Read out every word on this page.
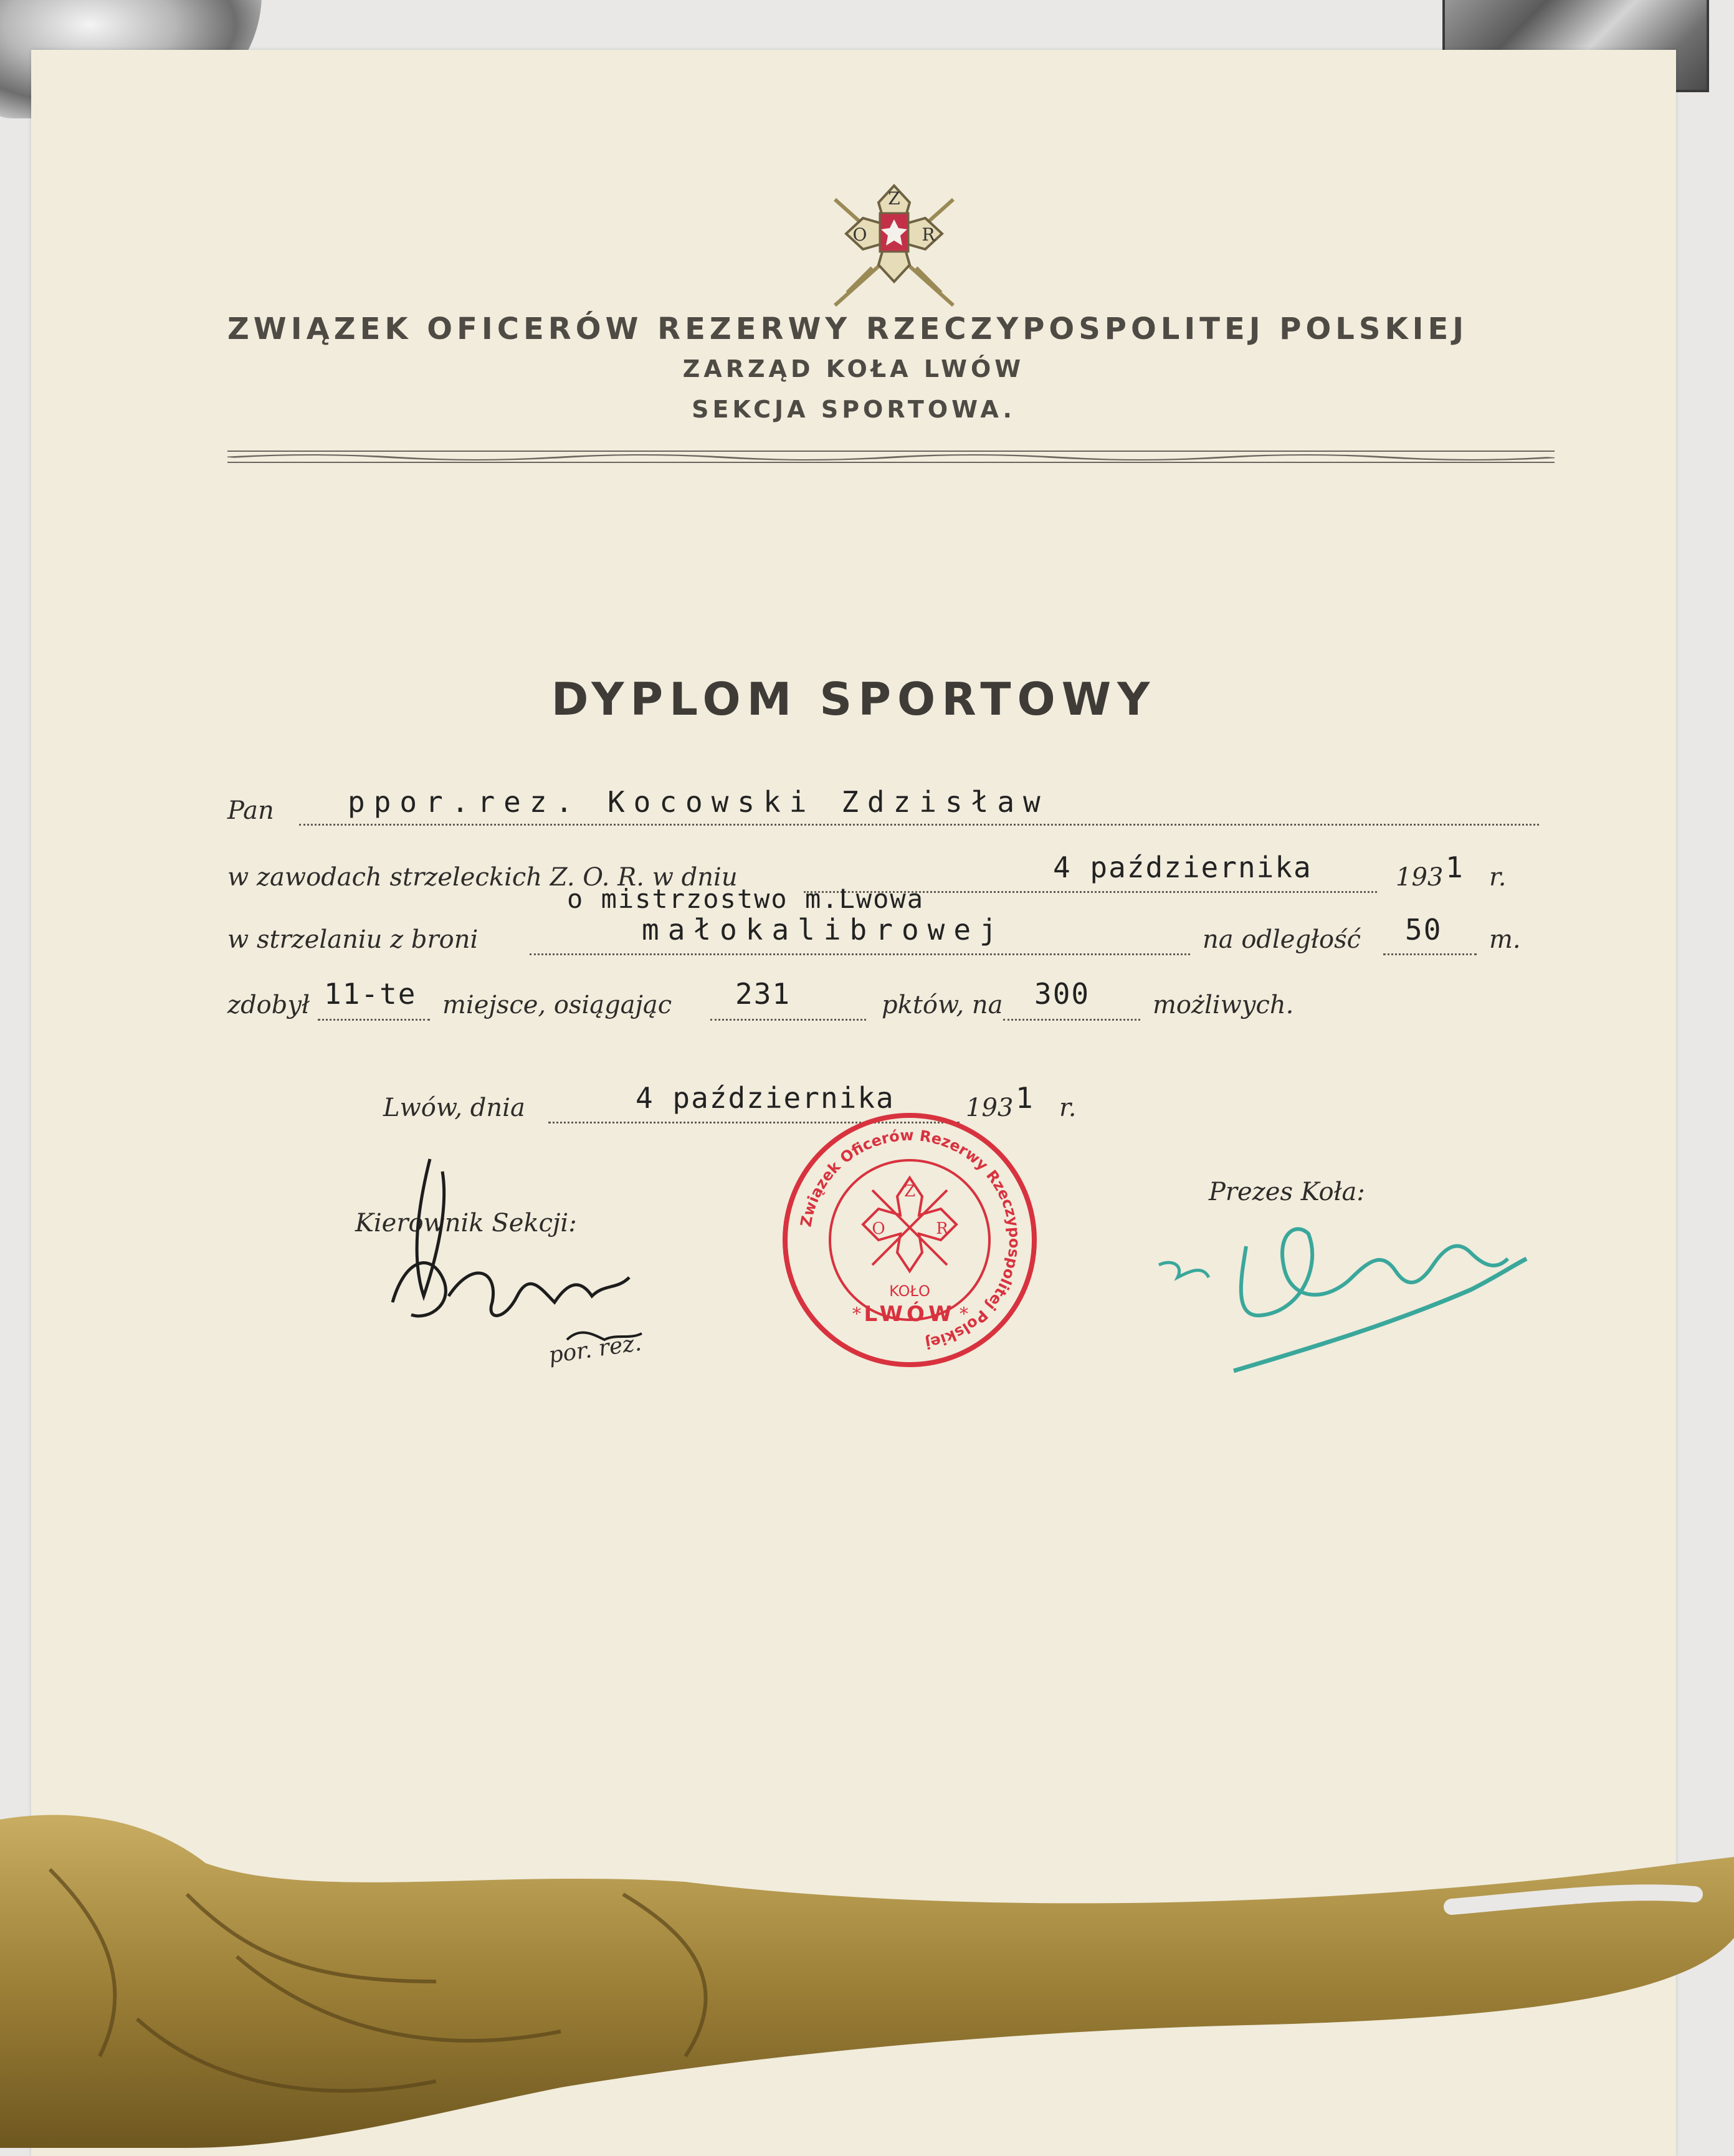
Z
O	R
ZWIĄZEK OFICERÓW REZERWY RZECZYPOSPOLITEJ POLSKIEJ
ZARZĄD KOŁA LWÓW
SEKCJA SPORTOWA.
DYPLOM SPORTOWY
Pan	ppor.rez. Kocowski Zdzisław
w zawodach strzeleckich Z. O. R. w dniu	4 października	193 1 r.
o mistrzostwo m.Lwowa
w strzelaniu z broni	małokalibrowej	na odległość 50 m.
zdobył 11-te miejsce, osiągając 231	pktów, na 300	możliwych.
Lwów, dnia	4 października	193 1 r.
Kierownik Sekcji:
B. Dąbrowski
por. rez.
Prezes Koła:
w. Górski
Związek Oficerów Rezerwy Rzeczypospolitej Polskiej
Z
O	R
KOŁO
LWÓW
*	*
